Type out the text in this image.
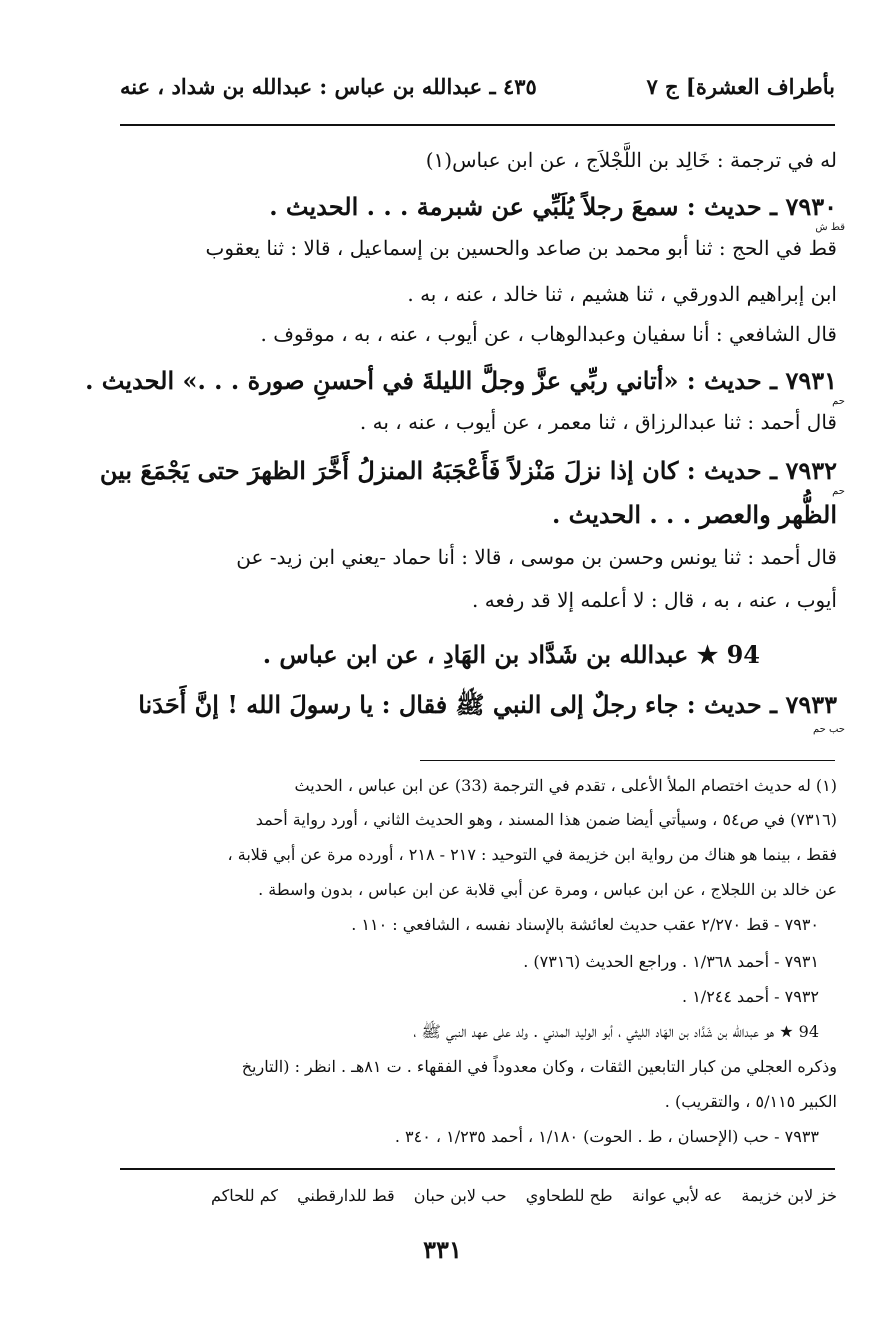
بأطراف العشرة] ج ٧
٤٣٥ ـ عبدالله بن عباس : عبدالله بن شداد ، عنه
له في ترجمة : خَالِد بن اللَّجْلاَج ، عن ابن عباس(١)
٧٩٣٠ ـ حديث : سمعَ رجلاً يُلَبِّي عن شبرمة . . . الحديث .
قط ش
قط في الحج : ثنا أبو محمد بن صاعد والحسين بن إسماعيل ، قالا : ثنا يعقوب
ابن إبراهيم الدورقي ، ثنا هشيم ، ثنا خالد ، عنه ، به .
قال الشافعي : أنا سفيان وعبدالوهاب ، عن أيوب ، عنه ، به ، موقوف .
٧٩٣١ ـ حديث : «أتاني ربِّي عزَّ وجلَّ الليلةَ في أحسنِ صورة . . .» الحديث .
حم
قال أحمد : ثنا عبدالرزاق ، ثنا معمر ، عن أيوب ، عنه ، به .
٧٩٣٢ ـ حديث : كان إذا نزلَ مَنْزلاً فَأَعْجَبَهُ المنزلُ أَخَّرَ الظهرَ حتى يَجْمَعَ بين
حم
الظُّهر والعصر . . . الحديث .
قال أحمد : ثنا يونس وحسن بن موسى ، قالا : أنا حماد -يعني ابن زيد- عن
أيوب ، عنه ، به ، قال : لا أعلمه إلا قد رفعه .
94 ★ عبدالله بن شَدَّاد بن الهَادِ ، عن ابن عباس .
٧٩٣٣ ـ حديث : جاء رجلٌ إلى النبي ﷺ فقال : يا رسولَ الله ! إنَّ أَحَدَنا
حب حم
(١) له حديث اختصام الملأ الأعلى ، تقدم في الترجمة (33) عن ابن عباس ، الحديث
(٧٣١٦) في ص٥٤ ، وسيأتي أيضا ضمن هذا المسند ، وهو الحديث الثاني ، أورد رواية أحمد
فقط ، بينما هو هناك من رواية ابن خزيمة في التوحيد : ٢١٧ - ٢١٨ ، أورده مرة عن أبي قلابة ،
عن خالد بن اللجلاج ، عن ابن عباس ، ومرة عن أبي قلابة عن ابن عباس ، بدون واسطة .
٧٩٣٠ - قط ٢/٢٧٠ عقب حديث لعائشة بالإسناد نفسه ، الشافعي : ١١٠ .
٧٩٣١ - أحمد ١/٣٦٨ . وراجع الحديث (٧٣١٦) .
٧٩٣٢ - أحمد ١/٢٤٤ .
94 ★ هو عبدالله بن شَدَّاد بن الهَاد الليثي ، أبو الوليد المدني . ولد على عهد النبي ﷺ ،
وذكره العجلي من كبار التابعين الثقات ، وكان معدوداً في الفقهاء . ت ٨١هـ . انظر : (التاريخ
الكبير ٥/١١٥ ، والتقريب) .
٧٩٣٣ - حب (الإحسان ، ط . الحوت) ١/١٨٠ ، أحمد ١/٢٣٥ ، ٣٤٠ .
خز لابن خزيمة عه لأبي عوانة طح للطحاوي حب لابن حبان قط للدارقطني كم للحاكم
٣٣١
